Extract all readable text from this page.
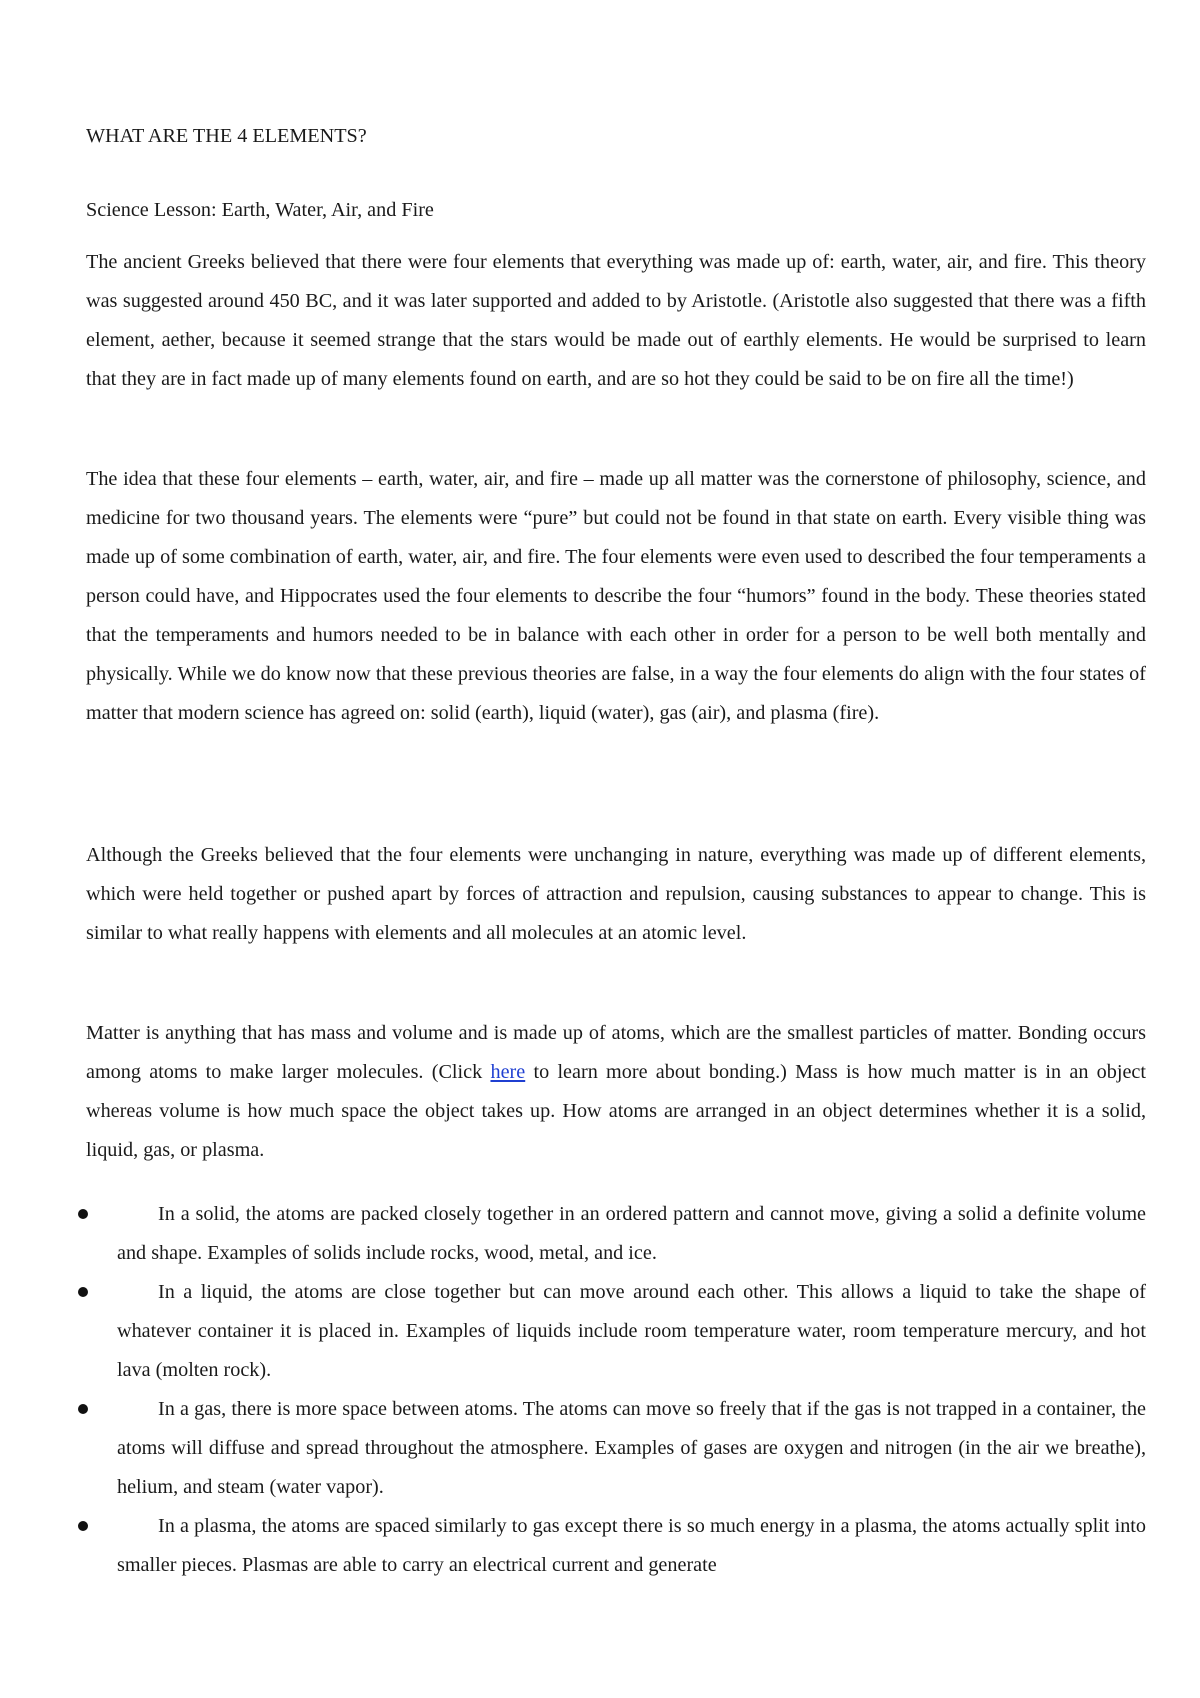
WHAT ARE THE 4 ELEMENTS?

Science Lesson: Earth, Water, Air, and Fire

The ancient Greeks believed that there were four elements that everything was made up of: earth, water, air, and fire. This theory was suggested around 450 BC, and it was later supported and added to by Aristotle. (Aristotle also suggested that there was a fifth element, aether, because it seemed strange that the stars would be made out of earthly elements. He would be surprised to learn that they are in fact made up of many elements found on earth, and are so hot they could be said to be on fire all the time!)

The idea that these four elements – earth, water, air, and fire – made up all matter was the cornerstone of philosophy, science, and medicine for two thousand years. The elements were “pure” but could not be found in that state on earth. Every visible thing was made up of some combination of earth, water, air, and fire. The four elements were even used to described the four temperaments a person could have, and Hippocrates used the four elements to describe the four “humors” found in the body. These theories stated that the temperaments and humors needed to be in balance with each other in order for a person to be well both mentally and physically. While we do know now that these previous theories are false, in a way the four elements do align with the four states of matter that modern science has agreed on: solid (earth), liquid (water), gas (air), and plasma (fire).

Although the Greeks believed that the four elements were unchanging in nature, everything was made up of different elements, which were held together or pushed apart by forces of attraction and repulsion, causing substances to appear to change. This is similar to what really happens with elements and all molecules at an atomic level.

Matter is anything that has mass and volume and is made up of atoms, which are the smallest particles of matter. Bonding occurs among atoms to make larger molecules. (Click here to learn more about bonding.) Mass is how much matter is in an object whereas volume is how much space the object takes up. How atoms are arranged in an object determines whether it is a solid, liquid, gas, or plasma.

In a solid, the atoms are packed closely together in an ordered pattern and cannot move, giving a solid a definite volume and shape. Examples of solids include rocks, wood, metal, and ice.
In a liquid, the atoms are close together but can move around each other. This allows a liquid to take the shape of whatever container it is placed in. Examples of liquids include room temperature water, room temperature mercury, and hot lava (molten rock).
In a gas, there is more space between atoms. The atoms can move so freely that if the gas is not trapped in a container, the atoms will diffuse and spread throughout the atmosphere. Examples of gases are oxygen and nitrogen (in the air we breathe), helium, and steam (water vapor).
In a plasma, the atoms are spaced similarly to gas except there is so much energy in a plasma, the atoms actually split into smaller pieces. Plasmas are able to carry an electrical current and generate
